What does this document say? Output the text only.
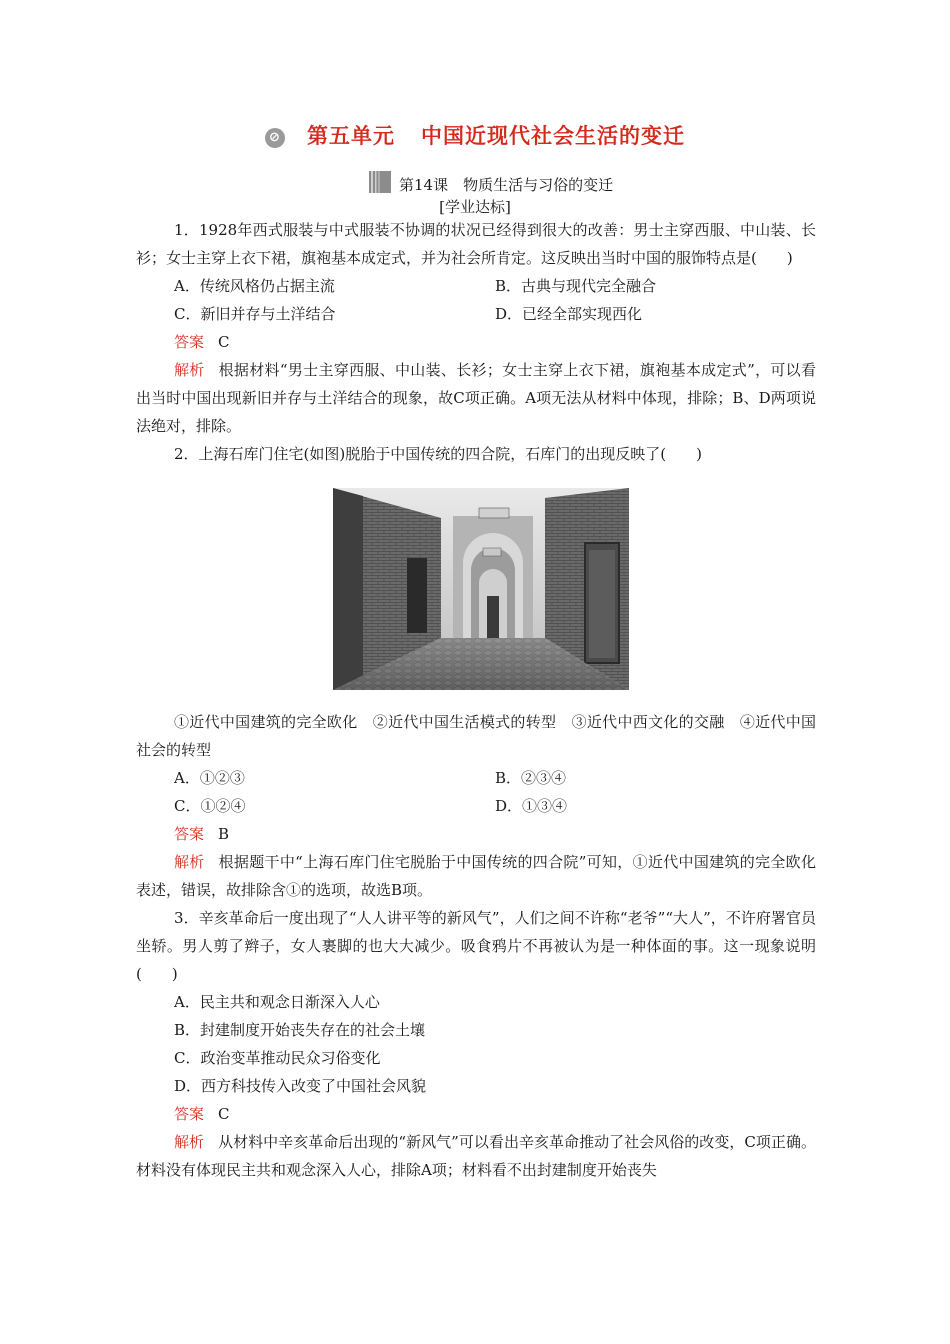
⊘ 第五单元 中国近现代社会生活的变迁
第14课　物质生活与习俗的变迁
[学业达标]

1．1928年西式服装与中式服装不协调的状况已经得到很大的改善：男士主穿西服、中山装、长衫；女士主穿上衣下裙，旗袍基本成定式，并为社会所肯定。这反映出当时中国的服饰特点是(　　)

A．传统风格仍占据主流	B．古典与现代完全融合
C．新旧并存与土洋结合	D．已经全部实现西化

答案 C

解析 根据材料“男士主穿西服、中山装、长衫；女士主穿上衣下裙，旗袍基本成定式”，可以看出当时中国出现新旧并存与土洋结合的现象，故C项正确。A项无法从材料中体现，排除；B、D两项说法绝对，排除。

2．上海石库门住宅(如图)脱胎于中国传统的四合院，石库门的出现反映了(　　)

①近代中国建筑的完全欧化　②近代中国生活模式的转型　③近代中西文化的交融　④近代中国社会的转型

A．①②③	B．②③④
C．①②④	D．①③④

答案 B

解析 根据题干中“上海石库门住宅脱胎于中国传统的四合院”可知，①近代中国建筑的完全欧化表述，错误，故排除含①的选项，故选B项。

3．辛亥革命后一度出现了“人人讲平等的新风气”，人们之间不许称“老爷”“大人”，不许府署官员坐轿。男人剪了辫子，女人裹脚的也大大减少。吸食鸦片不再被认为是一种体面的事。这一现象说明(　　)

A．民主共和观念日渐深入人心

B．封建制度开始丧失存在的社会土壤

C．政治变革推动民众习俗变化

D．西方科技传入改变了中国社会风貌

答案 C

解析 从材料中辛亥革命后出现的“新风气”可以看出辛亥革命推动了社会风俗的改变，C项正确。材料没有体现民主共和观念深入人心，排除A项；材料看不出封建制度开始丧失
